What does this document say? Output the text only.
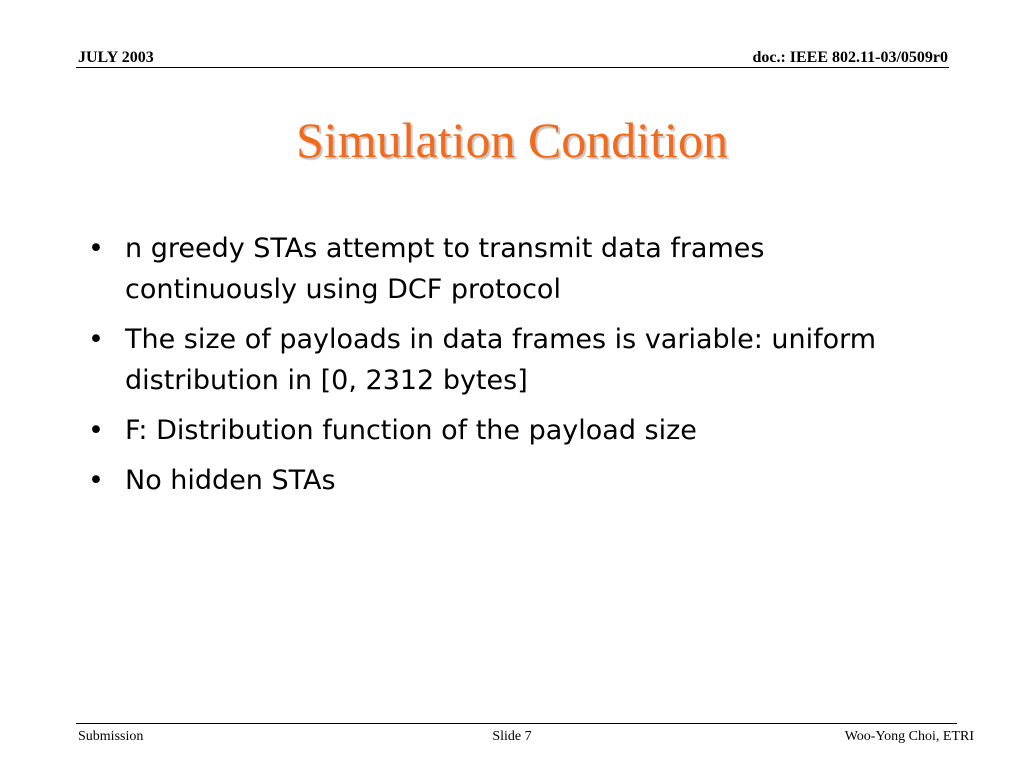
JULY 2003	doc.: IEEE 802.11-03/0509r0
Simulation Condition
• n greedy STAs attempt to transmit data frames continuously using DCF protocol
• The size of payloads in data frames is variable: uniform distribution in [0, 2312 bytes]
• F: Distribution function of the payload size
• No hidden STAs
Submission	Slide 7	Woo-Yong Choi, ETRI
